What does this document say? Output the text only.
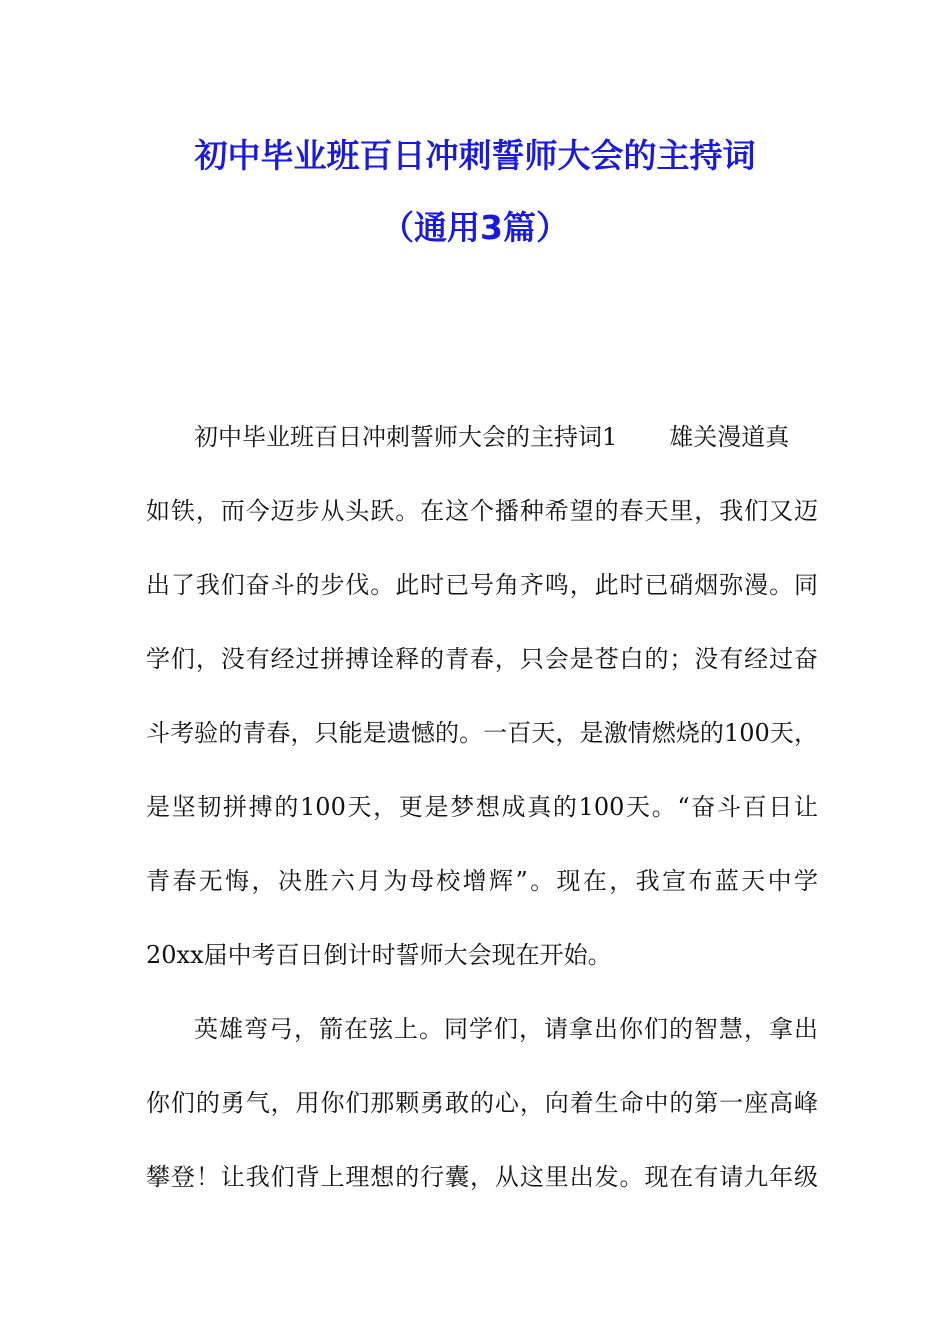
初中毕业班百日冲刺誓师大会的主持词
（通用3篇）
初中毕业班百日冲刺誓师大会的主持词1 雄关漫道真
如铁，而今迈步从头跃。在这个播种希望的春天里，我们又迈
出了我们奋斗的步伐。此时已号角齐鸣，此时已硝烟弥漫。同
学们，没有经过拼搏诠释的青春，只会是苍白的；没有经过奋
斗考验的青春，只能是遗憾的。一百天，是激情燃烧的100天，
是坚韧拼搏的100天，更是梦想成真的100天。“奋斗百日让
青春无悔，决胜六月为母校增辉”。现在，我宣布蓝天中学
20xx届中考百日倒计时誓师大会现在开始。
英雄弯弓，箭在弦上。同学们，请拿出你们的智慧，拿出
你们的勇气，用你们那颗勇敢的心，向着生命中的第一座高峰
攀登！让我们背上理想的行囊，从这里出发。现在有请九年级
